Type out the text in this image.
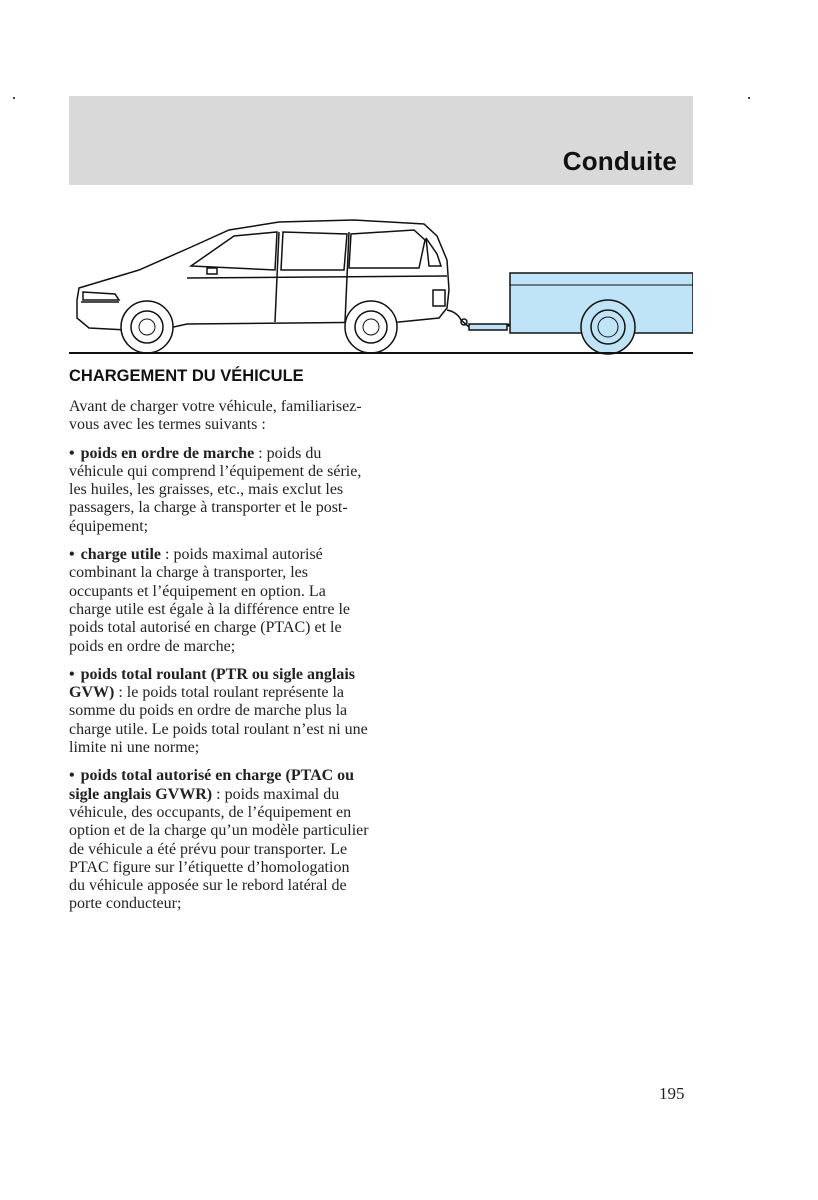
Conduite
CHARGEMENT DU VÉHICULE

Avant de charger votre véhicule, familiarisez-vous avec les termes suivants :

• poids en ordre de marche : poids du véhicule qui comprend l’équipement de série, les huiles, les graisses, etc., mais exclut les passagers, la charge à transporter et le post-équipement;

• charge utile : poids maximal autorisé combinant la charge à transporter, les occupants et l’équipement en option. La charge utile est égale à la différence entre le poids total autorisé en charge (PTAC) et le poids en ordre de marche;

• poids total roulant (PTR ou sigle anglais GVW) : le poids total roulant représente la somme du poids en ordre de marche plus la charge utile. Le poids total roulant n’est ni une limite ni une norme;

• poids total autorisé en charge (PTAC ou sigle anglais GVWR) : poids maximal du véhicule, des occupants, de l’équipement en option et de la charge qu’un modèle particulier de véhicule a été prévu pour transporter. Le PTAC figure sur l’étiquette d’homologation du véhicule apposée sur le rebord latéral de porte conducteur;

195
